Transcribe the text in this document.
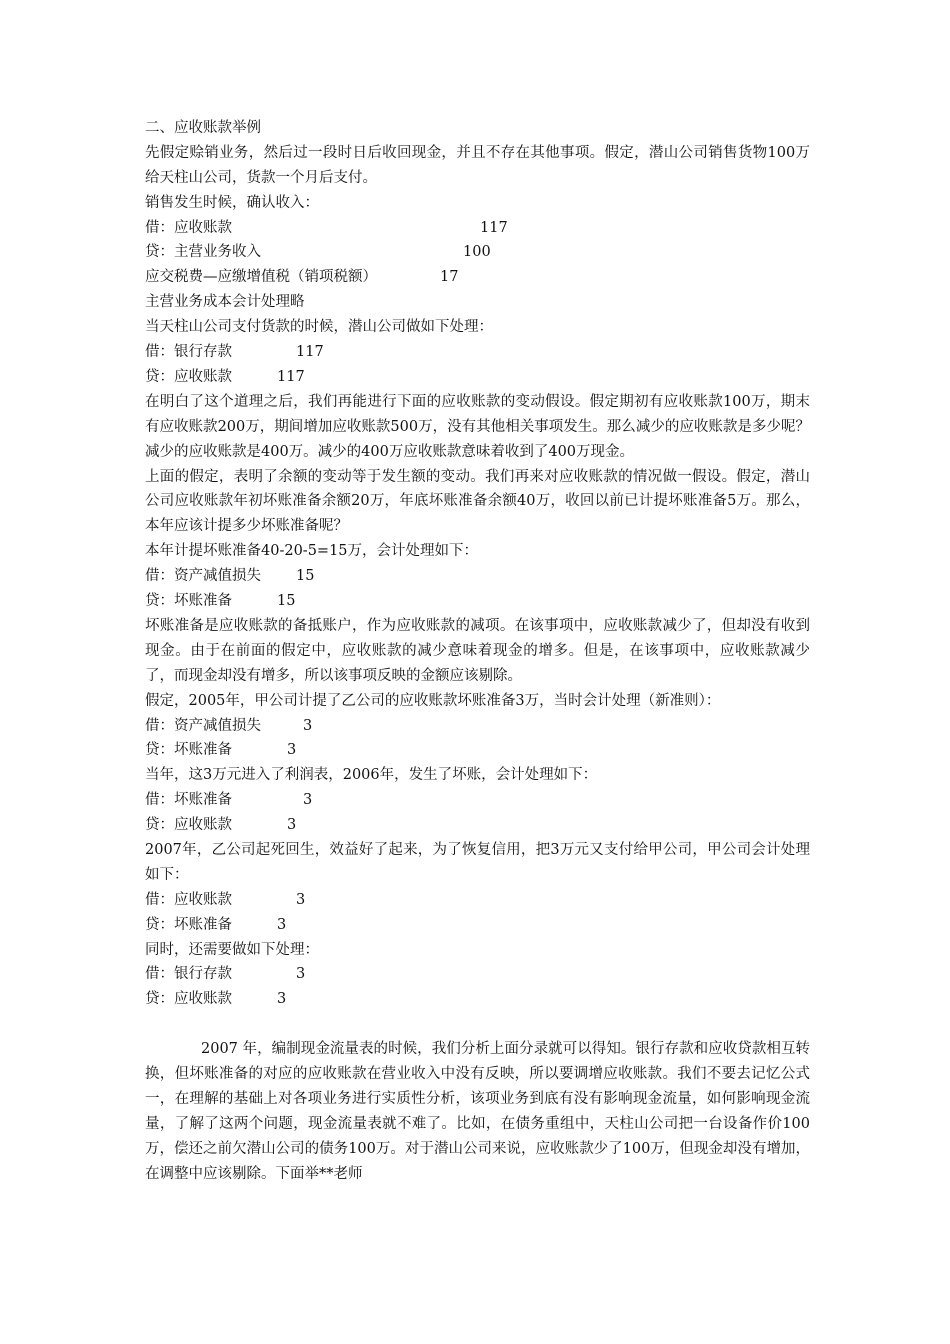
二、应收账款举例
先假定赊销业务，然后过一段时日后收回现金，并且不存在其他事项。假定，潜山公司销售货物100万给天柱山公司，货款一个月后支付。
销售发生时候，确认收入：
借：应收账款	117
贷：主营业务收入	100
应交税费—应缴增值税（销项税额）	17
主营业务成本会计处理略
当天柱山公司支付货款的时候，潜山公司做如下处理：
借：银行存款	117
贷：应收账款	117
在明白了这个道理之后，我们再能进行下面的应收账款的变动假设。假定期初有应收账款100万，期末有应收账款200万，期间增加应收账款500万，没有其他相关事项发生。那么减少的应收账款是多少呢？减少的应收账款是400万。减少的400万应收账款意味着收到了400万现金。
上面的假定，表明了余额的变动等于发生额的变动。我们再来对应收账款的情况做一假设。假定，潜山公司应收账款年初坏账准备余额20万，年底坏账准备余额40万，收回以前已计提坏账准备5万。那么，本年应该计提多少坏账准备呢？
本年计提坏账准备40-20-5=15万，会计处理如下：
借：资产减值损失 15
贷：坏账准备	15
坏账准备是应收账款的备抵账户，作为应收账款的减项。在该事项中，应收账款减少了，但却没有收到现金。由于在前面的假定中，应收账款的减少意味着现金的增多。但是，在该事项中，应收账款减少了，而现金却没有增多，所以该事项反映的金额应该剔除。
假定，2005年，甲公司计提了乙公司的应收账款坏账准备3万，当时会计处理（新准则）：
借：资产减值损失	3
贷：坏账准备	3
当年，这3万元进入了利润表，2006年，发生了坏账，会计处理如下：
借：坏账准备	3
贷：应收账款	3
2007年，乙公司起死回生，效益好了起来，为了恢复信用，把3万元又支付给甲公司，甲公司会计处理如下：
借：应收账款	3
贷：坏账准备	3
同时，还需要做如下处理：
借：银行存款	3
贷：应收账款	3
2007 年，编制现金流量表的时候，我们分析上面分录就可以得知。银行存款和应收贷款相互转换，但坏账准备的对应的应收账款在营业收入中没有反映，所以要调增应收账款。我们不要去记忆公式一，在理解的基础上对各项业务进行实质性分析，该项业务到底有没有影响现金流量，如何影响现金流量，了解了这两个问题，现金流量表就不难了。比如，在债务重组中，天柱山公司把一台设备作价100万，偿还之前欠潜山公司的债务100万。对于潜山公司来说，应收账款少了100万，但现金却没有增加，在调整中应该剔除。下面举**老师
